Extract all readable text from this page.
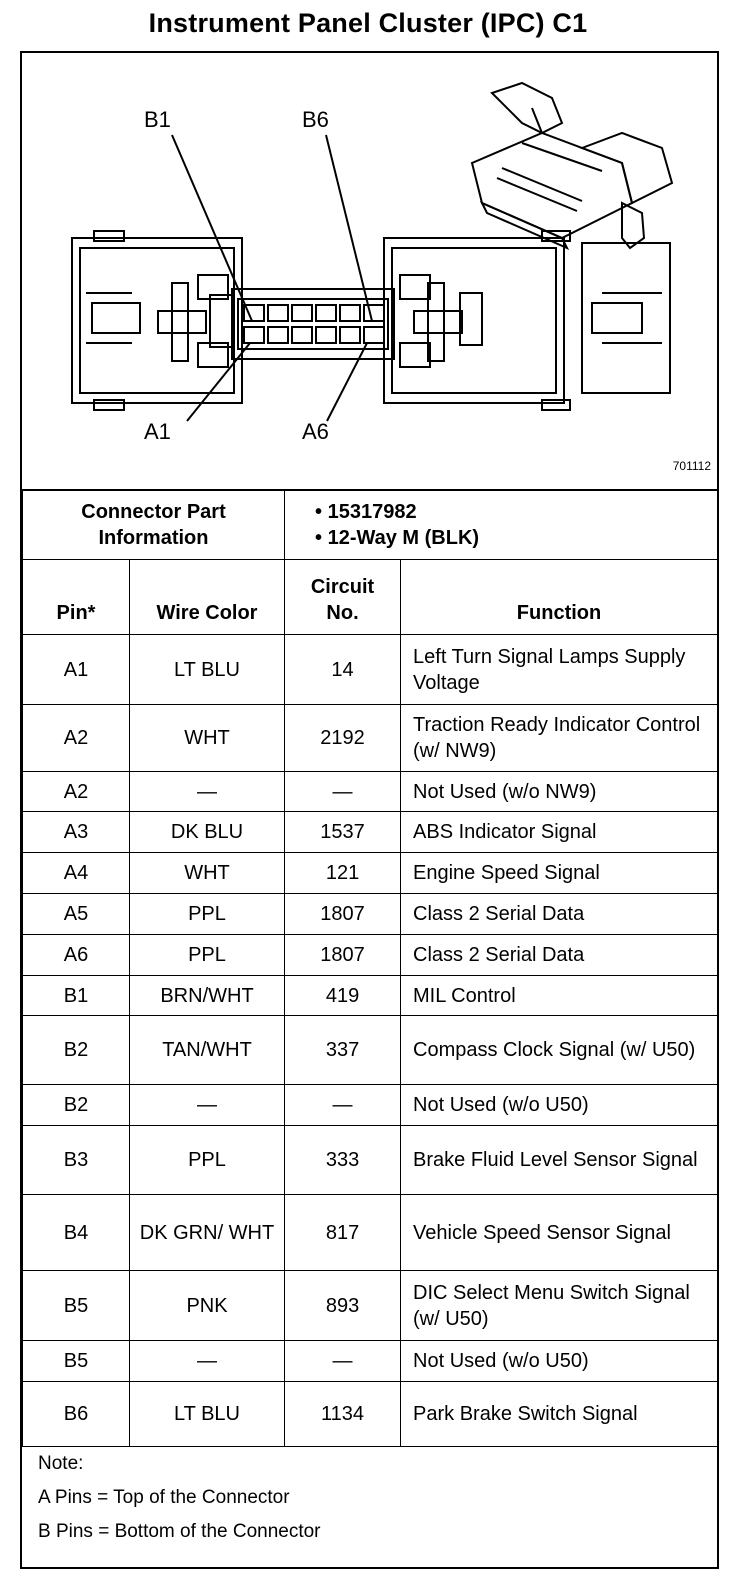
Instrument Panel Cluster (IPC) C1
B1	B6
A1	A6
701112
Connector Part Information		• 15317982
• 12-Way M (BLK)	

Pin*	Wire Color	Circuit No.	Function
A1	LT BLU	14	Left Turn Signal Lamps Supply Voltage
A2	WHT	2192	Traction Ready Indicator Control (w/ NW9)
A2	—	—	Not Used (w/o NW9)
A3	DK BLU	1537	ABS Indicator Signal
A4	WHT	121	Engine Speed Signal
A5	PPL	1807	Class 2 Serial Data
A6	PPL	1807	Class 2 Serial Data
B1	BRN/WHT	419	MIL Control
B2	TAN/WHT	337	Compass Clock Signal (w/ U50)
B2	—	—	Not Used (w/o U50)
B3	PPL	333	Brake Fluid Level Sensor Signal
B4	DK GRN/ WHT	817	Vehicle Speed Sensor Signal
B5	PNK	893	DIC Select Menu Switch Signal (w/ U50)
B5	—	—	Not Used (w/o U50)
B6	LT BLU	1134	Park Brake Switch Signal
Note:
A Pins = Top of the Connector
B Pins = Bottom of the Connector
